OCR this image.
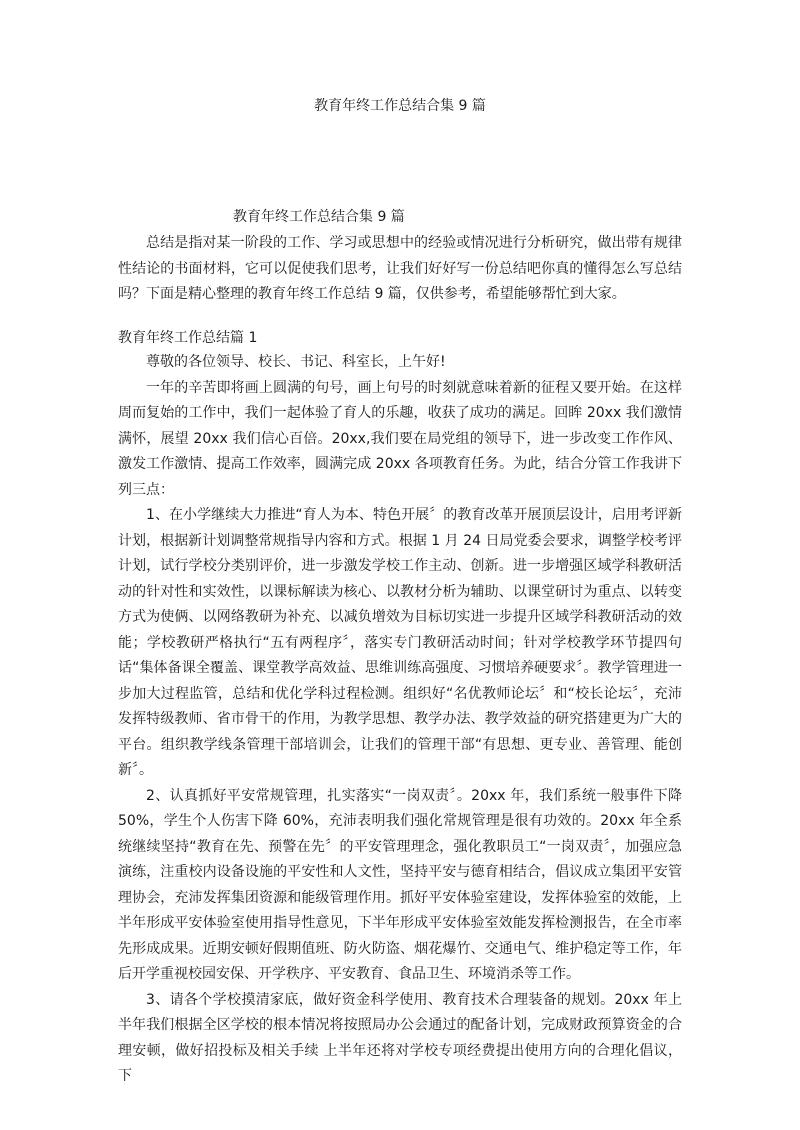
教育年终工作总结合集 9 篇
教育年终工作总结合集 9 篇

总结是指对某一阶段的工作、学习或思想中的经验或情况进行分析研究，做出带有规律性结论的书面材料，它可以促使我们思考，让我们好好写一份总结吧你真的懂得怎么写总结吗？下面是精心整理的教育年终工作总结 9 篇，仅供参考，希望能够帮忙到大家。

教育年终工作总结篇 1

尊敬的各位领导、校长、书记、科室长，上午好!

一年的辛苦即将画上圆满的句号，画上句号的时刻就意味着新的征程又要开始。在这样周而复始的工作中，我们一起体验了育人的乐趣，收获了成功的满足。回眸 20xx 我们激情满怀，展望 20xx 我们信心百倍。20xx,我们要在局党组的领导下，进一步改变工作作风、激发工作激情、提高工作效率，圆满完成 20xx 各项教育任务。为此，结合分管工作我讲下列三点：

1、在小学继续大力推进“育人为本、特色开展〞的教育改革开展顶层设计，启用考评新计划，根据新计划调整常规指导内容和方式。根据 1 月 24 日局党委会要求，调整学校考评计划，试行学校分类别评价，进一步激发学校工作主动、创新。进一步增强区域学科教研活动的针对性和实效性，以课标解读为核心、以教材分析为辅助、以课堂研讨为重点、以转变方式为使俩、以网络教研为补充、以减负增效为目标切实进一步提升区域学科教研活动的效能；学校教研严格执行“五有两程序〞，落实专门教研活动时间；针对学校教学环节提四句话“集体备课全覆盖、课堂教学高效益、思维训练高强度、习惯培养硬要求〞。教学管理进一步加大过程监管，总结和优化学科过程检测。组织好“名优教师论坛〞和“校长论坛〞，充沛发挥特级教师、省市骨干的作用，为教学思想、教学办法、教学效益的研究搭建更为广大的平台。组织教学线条管理干部培训会，让我们的管理干部“有思想、更专业、善管理、能创新〞。

2、认真抓好平安常规管理，扎实落实“一岗双责〞。20xx 年，我们系统一般事件下降 50%，学生个人伤害下降 60%，充沛表明我们强化常规管理是很有功效的。20xx 年全系统继续坚持“教育在先、预警在先〞的平安管理理念，强化教职员工“一岗双责〞，加强应急演练，注重校内设备设施的平安性和人文性，坚持平安与德育相结合，倡议成立集团平安管理协会，充沛发挥集团资源和能级管理作用。抓好平安体验室建设，发挥体验室的效能，上半年形成平安体验室使用指导性意见，下半年形成平安体验室效能发挥检测报告，在全市率先形成成果。近期安顿好假期值班、防火防盗、烟花爆竹、交通电气、维护稳定等工作，年后开学重视校园安保、开学秩序、平安教育、食品卫生、环境消杀等工作。

3、请各个学校摸清家底，做好资金科学使用、教育技术合理装备的规划。20xx 年上半年我们根据全区学校的根本情况将按照局办公会通过的配备计划，完成财政预算资金的合理安顿，做好招投标及相关手续 上半年还将对学校专项经费提出使用方向的合理化倡议，下
